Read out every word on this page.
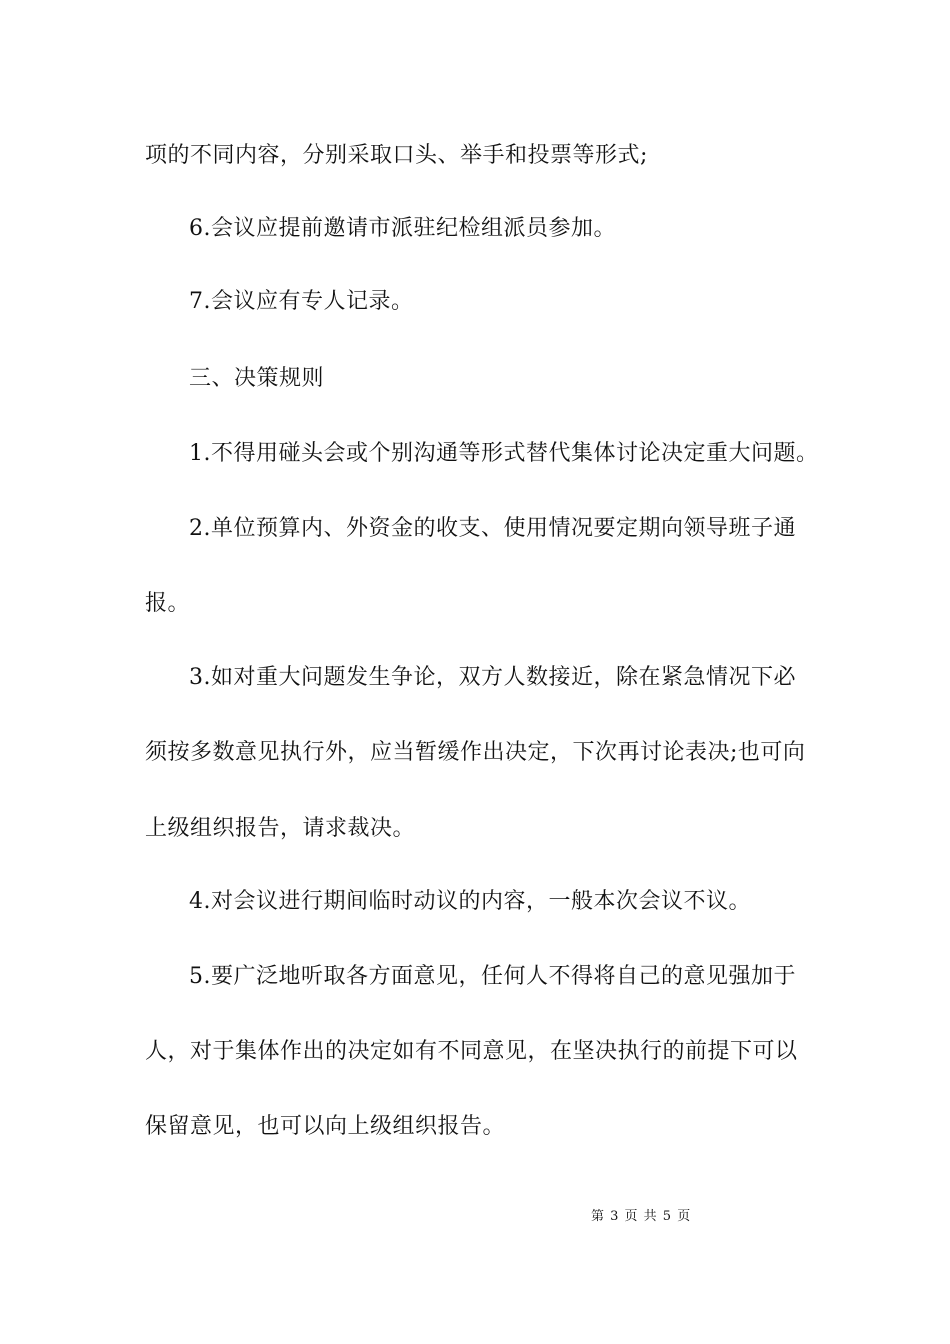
项的不同内容，分别采取口头、举手和投票等形式;
6.会议应提前邀请市派驻纪检组派员参加。
7.会议应有专人记录。
三、决策规则
1.不得用碰头会或个别沟通等形式替代集体讨论决定重大问题。
2.单位预算内、外资金的收支、使用情况要定期向领导班子通
报。
3.如对重大问题发生争论，双方人数接近，除在紧急情况下必
须按多数意见执行外，应当暂缓作出决定，下次再讨论表决;也可向
上级组织报告，请求裁决。
4.对会议进行期间临时动议的内容，一般本次会议不议。
5.要广泛地听取各方面意见，任何人不得将自己的意见强加于
人，对于集体作出的决定如有不同意见，在坚决执行的前提下可以
保留意见，也可以向上级组织报告。
第 3 页 共 5 页
